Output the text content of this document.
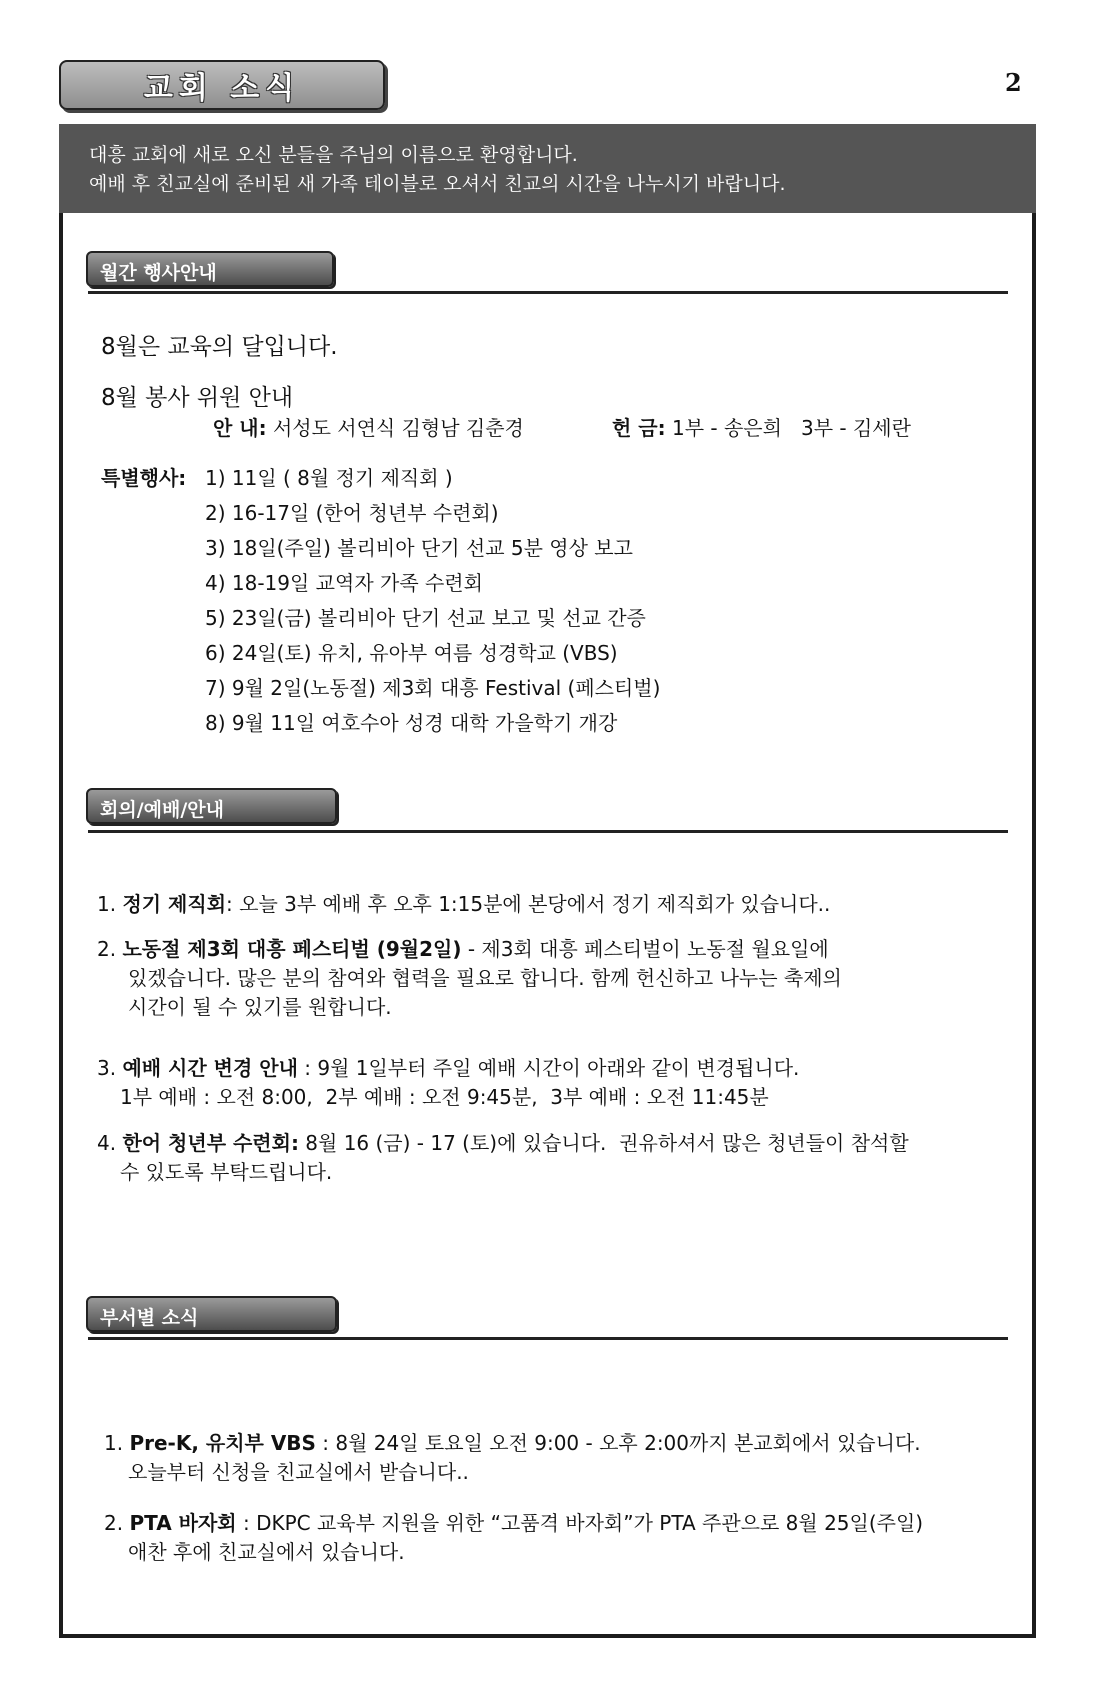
교회 소식	2
대흥 교회에 새로 오신 분들을 주님의 이름으로 환영합니다.
예배 후 친교실에 준비된 새 가족 테이블로 오셔서 친교의 시간을 나누시기 바랍니다.
월간 행사안내
8월은 교육의 달입니다.
8월 봉사 위원 안내
안 내: 서성도 서연식 김형남 김춘경	헌 금: 1부 - 송은희   3부 - 김세란
특별행사: 1) 11일 ( 8월 정기 제직회 )
2) 16-17일 (한어 청년부 수련회)
3) 18일(주일) 볼리비아 단기 선교 5분 영상 보고
4) 18-19일 교역자 가족 수련회
5) 23일(금) 볼리비아 단기 선교 보고 및 선교 간증
6) 24일(토) 유치, 유아부 여름 성경학교 (VBS)
7) 9월 2일(노동절) 제3회 대흥 Festival (페스티벌)
8) 9월 11일 여호수아 성경 대학 가을학기 개강
회의/예배/안내
1. 정기 제직회: 오늘 3부 예배 후 오후 1:15분에 본당에서 정기 제직회가 있습니다..
2. 노동절 제3회 대흥 페스티벌 (9월2일) - 제3회 대흥 페스티벌이 노동절 월요일에
있겠습니다. 많은 분의 참여와 협력을 필요로 합니다. 함께 헌신하고 나누는 축제의
시간이 될 수 있기를 원합니다.
3. 예배 시간 변경 안내 : 9월 1일부터 주일 예배 시간이 아래와 같이 변경됩니다.
1부 예배 : 오전 8:00,  2부 예배 : 오전 9:45분,  3부 예배 : 오전 11:45분
4. 한어 청년부 수련회: 8월 16 (금) - 17 (토)에 있습니다.  권유하셔서 많은 청년들이 참석할
수 있도록 부탁드립니다.
부서별 소식
1. Pre-K, 유치부 VBS : 8월 24일 토요일 오전 9:00 - 오후 2:00까지 본교회에서 있습니다.
오늘부터 신청을 친교실에서 받습니다..
2. PTA 바자회 : DKPC 교육부 지원을 위한 “고품격 바자회”가 PTA 주관으로 8월 25일(주일)
애찬 후에 친교실에서 있습니다.
